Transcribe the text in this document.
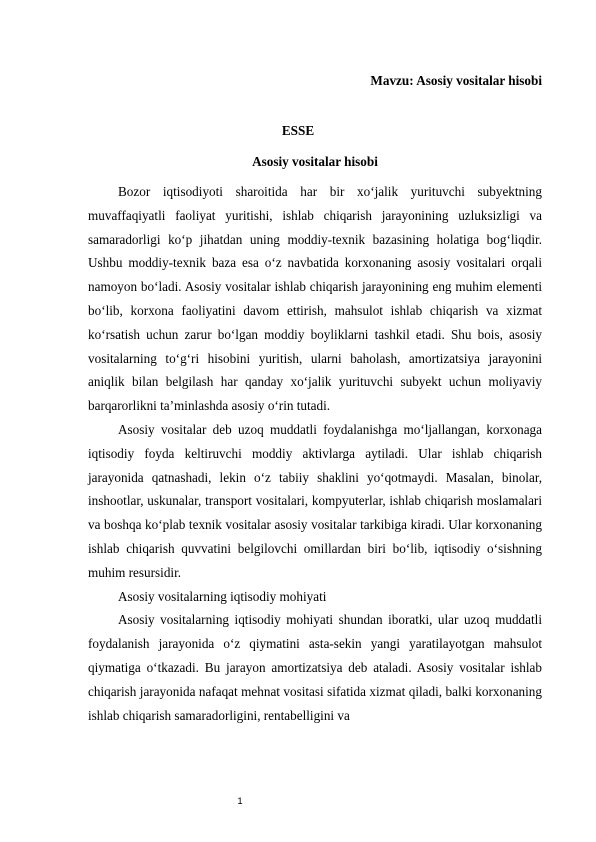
Mavzu: Asosiy vositalar hisobi
ESSE
Asosiy vositalar hisobi

Bozor iqtisodiyoti sharoitida har bir xo‘jalik yurituvchi subyektning muvaffaqiyatli faoliyat yuritishi, ishlab chiqarish jarayonining uzluksizligi va samaradorligi ko‘p jihatdan uning moddiy-texnik bazasining holatiga bog‘liqdir. Ushbu moddiy-texnik baza esa o‘z navbatida korxonaning asosiy vositalari orqali namoyon bo‘ladi. Asosiy vositalar ishlab chiqarish jarayonining eng muhim elementi bo‘lib, korxona faoliyatini davom ettirish, mahsulot ishlab chiqarish va xizmat ko‘rsatish uchun zarur bo‘lgan moddiy boyliklarni tashkil etadi. Shu bois, asosiy vositalarning to‘g‘ri hisobini yuritish, ularni baholash, amortizatsiya jarayonini aniqlik bilan belgilash har qanday xo‘jalik yurituvchi subyekt uchun moliyaviy barqarorlikni ta’minlashda asosiy o‘rin tutadi.

Asosiy vositalar deb uzoq muddatli foydalanishga mo‘ljallangan, korxonaga iqtisodiy foyda keltiruvchi moddiy aktivlarga aytiladi. Ular ishlab chiqarish jarayonida qatnashadi, lekin o‘z tabiiy shaklini yo‘qotmaydi. Masalan, binolar, inshootlar, uskunalar, transport vositalari, kompyuterlar, ishlab chiqarish moslamalari va boshqa ko‘plab texnik vositalar asosiy vositalar tarkibiga kiradi. Ular korxonaning ishlab chiqarish quvvatini belgilovchi omillardan biri bo‘lib, iqtisodiy o‘sishning muhim resursidir.

Asosiy vositalarning iqtisodiy mohiyati

Asosiy vositalarning iqtisodiy mohiyati shundan iboratki, ular uzoq muddatli foydalanish jarayonida o‘z qiymatini asta-sekin yangi yaratilayotgan mahsulot qiymatiga o‘tkazadi. Bu jarayon amortizatsiya deb ataladi. Asosiy vositalar ishlab chiqarish jarayonida nafaqat mehnat vositasi sifatida xizmat qiladi, balki korxonaning ishlab chiqarish samaradorligini, rentabelligini va

1
